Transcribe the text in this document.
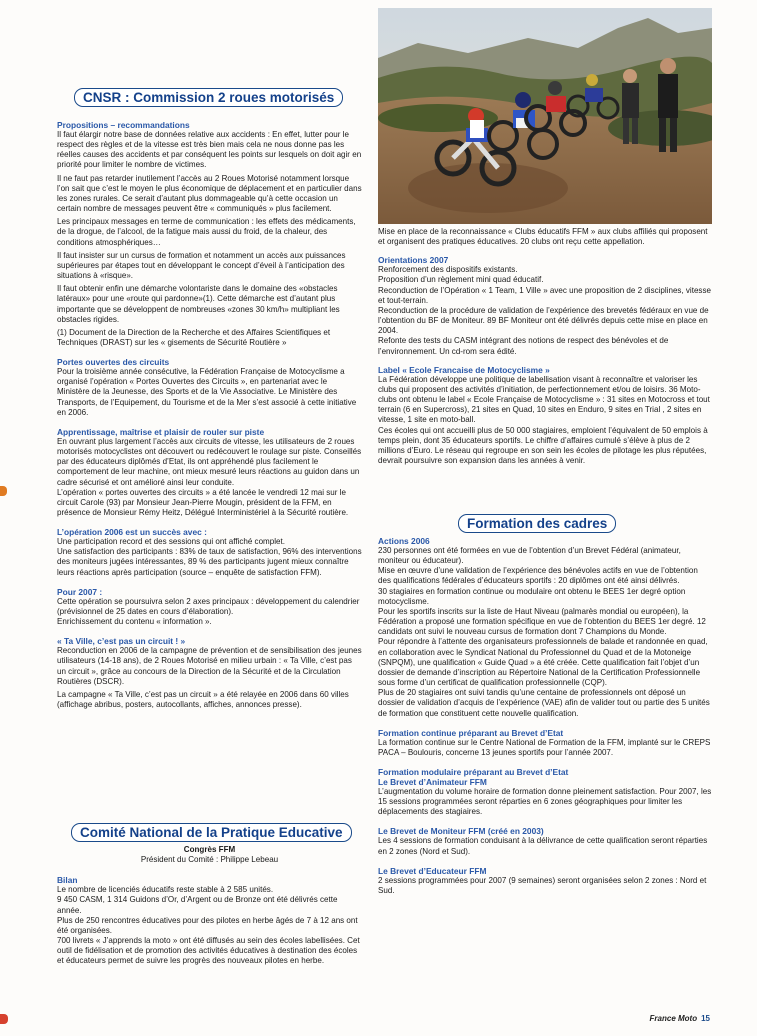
CNSR : Commission 2 roues motorisés

Propositions – recommandations

Il faut élargir notre base de données relative aux accidents : En effet, lutter pour le respect des règles et de la vitesse est très bien mais cela ne nous donne pas les réelles causes des accidents et par conséquent les points sur lesquels on doit agir en priorité pour limiter le nombre de victimes.

Il ne faut pas retarder inutilement l’accès au 2 Roues Motorisé notamment lorsque l’on sait que c’est le moyen le plus économique de déplacement et en particulier dans les zones rurales. Ce serait d’autant plus dommageable qu’à cette occasion un certain nombre de messages peuvent être « communiqués » plus facilement.

Les principaux messages en terme de communication : les effets des médicaments, de la drogue, de l’alcool, de la fatigue mais aussi du froid, de la chaleur, des conditions atmosphériques…

Il faut insister sur un cursus de formation et notamment un accès aux puissances supérieures par étapes tout en développant le concept d’éveil à l’anticipation des situations à «risque».

Il faut obtenir enfin une démarche volontariste dans le domaine des «obstacles latéraux» pour une «route qui pardonne»(1). Cette démarche est d’autant plus importante que se développent de nombreuses «zones 30 km/h» multipliant les obstacles rigides.

(1) Document de la Direction de la Recherche et des Affaires Scientifiques et Techniques (DRAST) sur les « gisements de Sécurité Routière »

Portes ouvertes des circuits

Pour la troisième année consécutive, la Fédération Française de Motocyclisme a organisé l’opération « Portes Ouvertes des Circuits », en partenariat avec le Ministère de la Jeunesse, des Sports et de la Vie Associative. Le Ministère des Transports, de l’Equipement, du Tourisme et de la Mer s’est associé à cette initiative en 2006.

Apprentissage, maîtrise et plaisir de rouler sur piste

En ouvrant plus largement l’accès aux circuits de vitesse, les utilisateurs de 2 roues motorisés motocyclistes ont découvert ou redécouvert le roulage sur piste. Conseillés par des éducateurs diplômés d’Etat, ils ont appréhendé plus facilement le comportement de leur machine, ont mieux mesuré leurs réactions au guidon dans un cadre sécurisé et ont amélioré ainsi leur conduite.

L’opération « portes ouvertes des circuits » a été lancée le vendredi 12 mai sur le circuit Carole (93) par Monsieur Jean-Pierre Mougin, président de la FFM, en présence de Monsieur Rémy Heitz, Délégué Interministériel à la Sécurité routière.

L’opération 2006 est un succès avec :

Une participation record et des sessions qui ont affiché complet.

Une satisfaction des participants : 83% de taux de satisfaction, 96% des interventions des moniteurs jugées intéressantes, 89 % des participants jugent mieux connaître leurs réactions après participation (source – enquête de satisfaction FFM).

Pour 2007 :

Cette opération se poursuivra selon 2 axes principaux : développement du calendrier (prévisionnel de 25 dates en cours d’élaboration).

Enrichissement du contenu « information ».

« Ta Ville, c’est pas un circuit ! »

Reconduction en 2006 de la campagne de prévention et de sensibilisation des jeunes utilisateurs (14-18 ans), de 2 Roues Motorisé en milieu urbain : « Ta Ville, c’est pas un circuit », grâce au concours de la Direction de la Sécurité et de la Circulation Routières (DSCR).

La campagne « Ta Ville, c’est pas un circuit » a été relayée en 2006 dans 60 villes (affichage abribus, posters, autocollants, affiches, annonces presse).

Comité National de la Pratique Educative

Congrès FFM

Président du Comité : Philippe Lebeau

Bilan

Le nombre de licenciés éducatifs reste stable à 2 585 unités.

9 450 CASM, 1 314 Guidons d’Or, d’Argent ou de Bronze ont été délivrés cette année.

Plus de 250 rencontres éducatives pour des pilotes en herbe âgés de 7 à 12 ans ont été organisées.

700 livrets « J’apprends la moto » ont été diffusés au sein des écoles labellisées. Cet outil de fidélisation et de promotion des activités éducatives à destination des écoles et éducateurs permet de suivre les progrès des nouveaux pilotes en herbe.

Mise en place de la reconnaissance « Clubs éducatifs FFM » aux clubs affiliés qui proposent et organisent des pratiques éducatives. 20 clubs ont reçu cette appellation.

Orientations 2007

Renforcement des dispositifs existants.

Proposition d’un règlement mini quad éducatif.

Reconduction de l’Opération « 1 Team, 1 Ville » avec une proposition de 2 disciplines, vitesse et tout-terrain.

Reconduction de la procédure de validation de l’expérience des brevetés fédéraux en vue de l’obtention du BF de Moniteur. 89 BF Moniteur ont été délivrés depuis cette mise en place en 2004.

Refonte des tests du CASM intégrant des notions de respect des bénévoles et de l’environnement. Un cd-rom sera édité.

Label « Ecole Francaise de Motocyclisme »

La Fédération développe une politique de labellisation visant à reconnaître et valoriser les clubs qui proposent des activités d’initiation, de perfectionnement et/ou de loisirs. 36 Moto-clubs ont obtenu le label « Ecole Française de Motocyclisme » : 31 sites en Motocross et tout terrain (6 en Supercross), 21 sites en Quad, 10 sites en Enduro, 9 sites en Trial , 2 sites en vitesse, 1 site en moto-ball.

Ces écoles qui ont accueilli plus de 50 000 stagiaires, emploient l’équivalent de 50 emplois à temps plein, dont 35 éducateurs sportifs. Le chiffre d’affaires cumulé s’élève à plus de 2 millions d’Euro. Le réseau qui regroupe en son sein les écoles de pilotage les plus réputées, devrait poursuivre son expansion dans les années à venir.

Formation des cadres

Actions 2006

230 personnes ont été formées en vue de l’obtention d’un Brevet Fédéral (animateur, moniteur ou éducateur).

Mise en œuvre d’une validation de l’expérience des bénévoles actifs en vue de l’obtention des qualifications fédérales d’éducateurs sportifs : 20 diplômes ont été ainsi délivrés.

30 stagiaires en formation continue ou modulaire ont obtenu le BEES 1er degré option motocyclisme.

Pour les sportifs inscrits sur la liste de Haut Niveau (palmarès mondial ou européen), la Fédération a proposé une formation spécifique en vue de l’obtention du BEES 1er degré. 12 candidats ont suivi le nouveau cursus de formation dont 7 Champions du Monde.

Pour répondre à l’attente des organisateurs professionnels de balade et randonnée en quad, en collaboration avec le Syndicat National du Professionnel du Quad et de la Motoneige (SNPQM), une qualification « Guide Quad » a été créée. Cette qualification fait l’objet d’un dossier de demande d’inscription au Répertoire National de la Certification Professionnelle sous forme d’un certificat de qualification professionnelle (CQP).

Plus de 20 stagiaires ont suivi tandis qu’une centaine de professionnels ont déposé un dossier de validation d’acquis de l’expérience (VAE) afin de valider tout ou partie des 5 unités de formation que constituent cette nouvelle qualification.

Formation continue préparant au Brevet d’Etat

La formation continue sur le Centre National de Formation de la FFM, implanté sur le CREPS PACA – Boulouris, concerne 13 jeunes sportifs pour l’année 2007.

Formation modulaire préparant au Brevet d’Etat

Le Brevet d’Animateur FFM

L’augmentation du volume horaire de formation donne pleinement satisfaction. Pour 2007, les 15 sessions programmées seront réparties en 6 zones géographiques pour limiter les déplacements des stagiaires.

Le Brevet de Moniteur FFM (créé en 2003)

Les 4 sessions de formation conduisant à la délivrance de cette qualification seront réparties en 2 zones (Nord et Sud).

Le Brevet d’Educateur FFM

2 sessions programmées pour 2007 (9 semaines) seront organisées selon 2 zones : Nord et Sud.

France Moto 15
